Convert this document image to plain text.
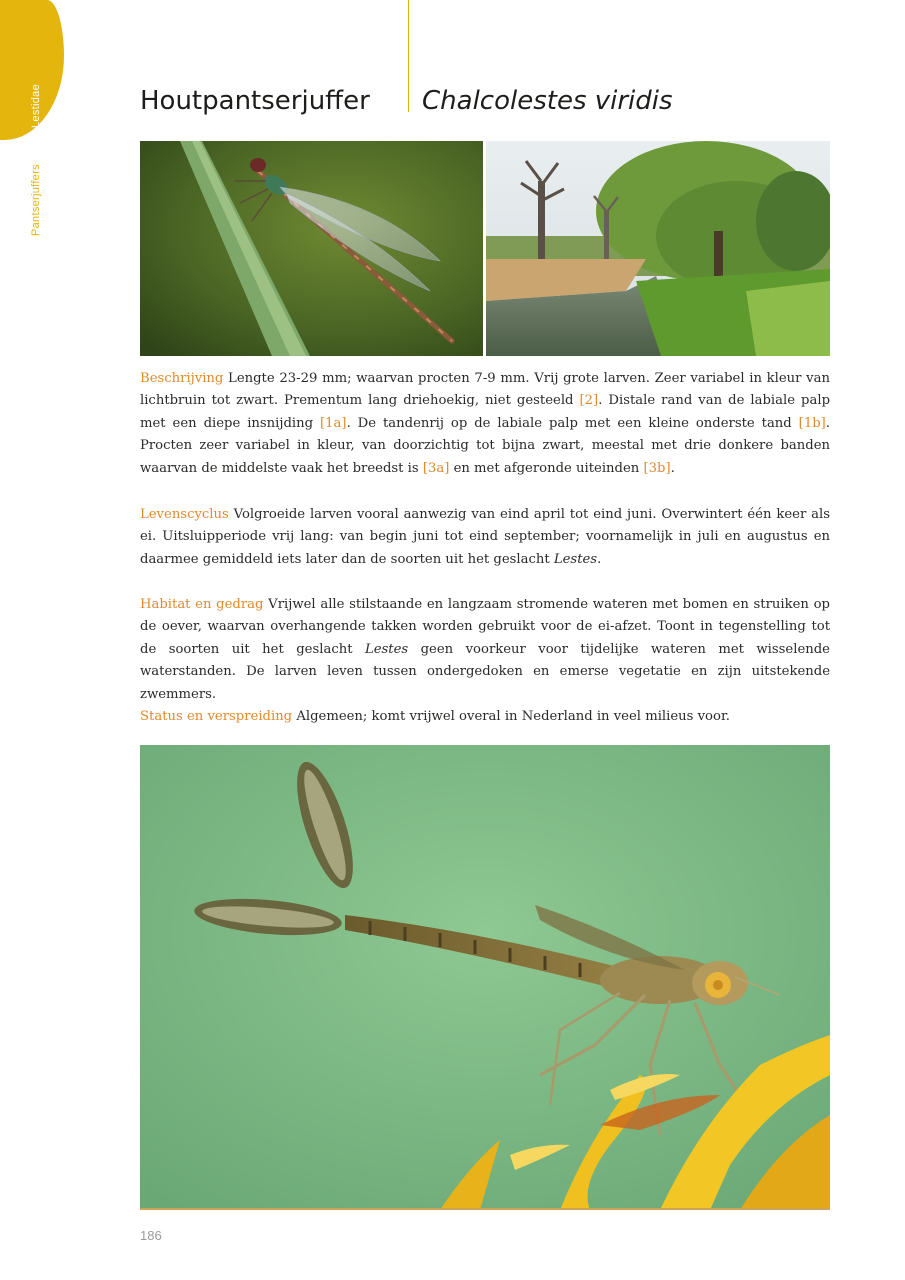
Lestidae
Pantserjuffers
Houtpantserjuffer Chalcolestes viridis

Beschrijving Lengte 23-29 mm; waarvan procten 7-9 mm. Vrij grote larven. Zeer variabel in kleur van lichtbruin tot zwart. Prementum lang driehoekig, niet gesteeld [2]. Distale rand van de labiale palp met een diepe insnijding [1a]. De tandenrij op de labiale palp met een kleine onderste tand [1b]. Procten zeer variabel in kleur, van doorzichtig tot bijna zwart, meestal met drie donkere banden waarvan de middelste vaak het breedst is [3a] en met afgeronde uiteinden [3b].

Levenscyclus Volgroeide larven vooral aanwezig van eind april tot eind juni. Overwintert één keer als ei. Uitsluipperiode vrij lang: van begin juni tot eind september; voornamelijk in juli en augustus en daarmee gemiddeld iets later dan de soorten uit het geslacht Lestes.

Habitat en gedrag Vrijwel alle stilstaande en langzaam stromende wateren met bomen en struiken op de oever, waarvan overhangende takken worden gebruikt voor de ei-afzet. Toont in tegenstelling tot de soorten uit het geslacht Lestes geen voorkeur voor tijdelijke wateren met wisselende waterstanden. De larven leven tussen ondergedoken en emerse vegetatie en zijn uitstekende zwemmers.

Status en verspreiding Algemeen; komt vrijwel overal in Nederland in veel milieus voor.

186
